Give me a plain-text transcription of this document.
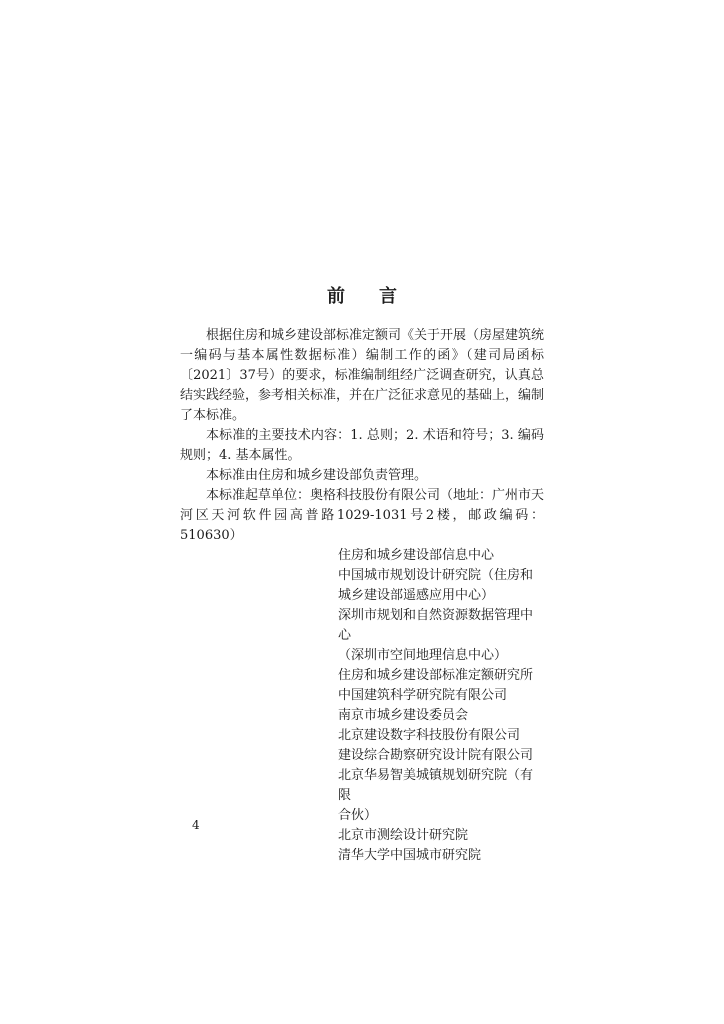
前 言

根据住房和城乡建设部标准定额司《关于开展（房屋建筑统一编码与基本属性数据标准）编制工作的函》（建司局函标〔2021〕37号）的要求，标准编制组经广泛调查研究，认真总结实践经验，参考相关标准，并在广泛征求意见的基础上，编制了本标准。

本标准的主要技术内容：1. 总则；2. 术语和符号；3. 编码规则；4. 基本属性。

本标准由住房和城乡建设部负责管理。

本标准起草单位：奥格科技股份有限公司（地址：广州市天河区天河软件园高普路1029-1031号2楼，邮政编码：510630）

住房和城乡建设部信息中心
中国城市规划设计研究院（住房和
城乡建设部遥感应用中心）
深圳市规划和自然资源数据管理中心
（深圳市空间地理信息中心）
住房和城乡建设部标准定额研究所
中国建筑科学研究院有限公司
南京市城乡建设委员会
北京建设数字科技股份有限公司
建设综合勘察研究设计院有限公司
北京华易智美城镇规划研究院（有限
合伙）
北京市测绘设计研究院
清华大学中国城市研究院
4
